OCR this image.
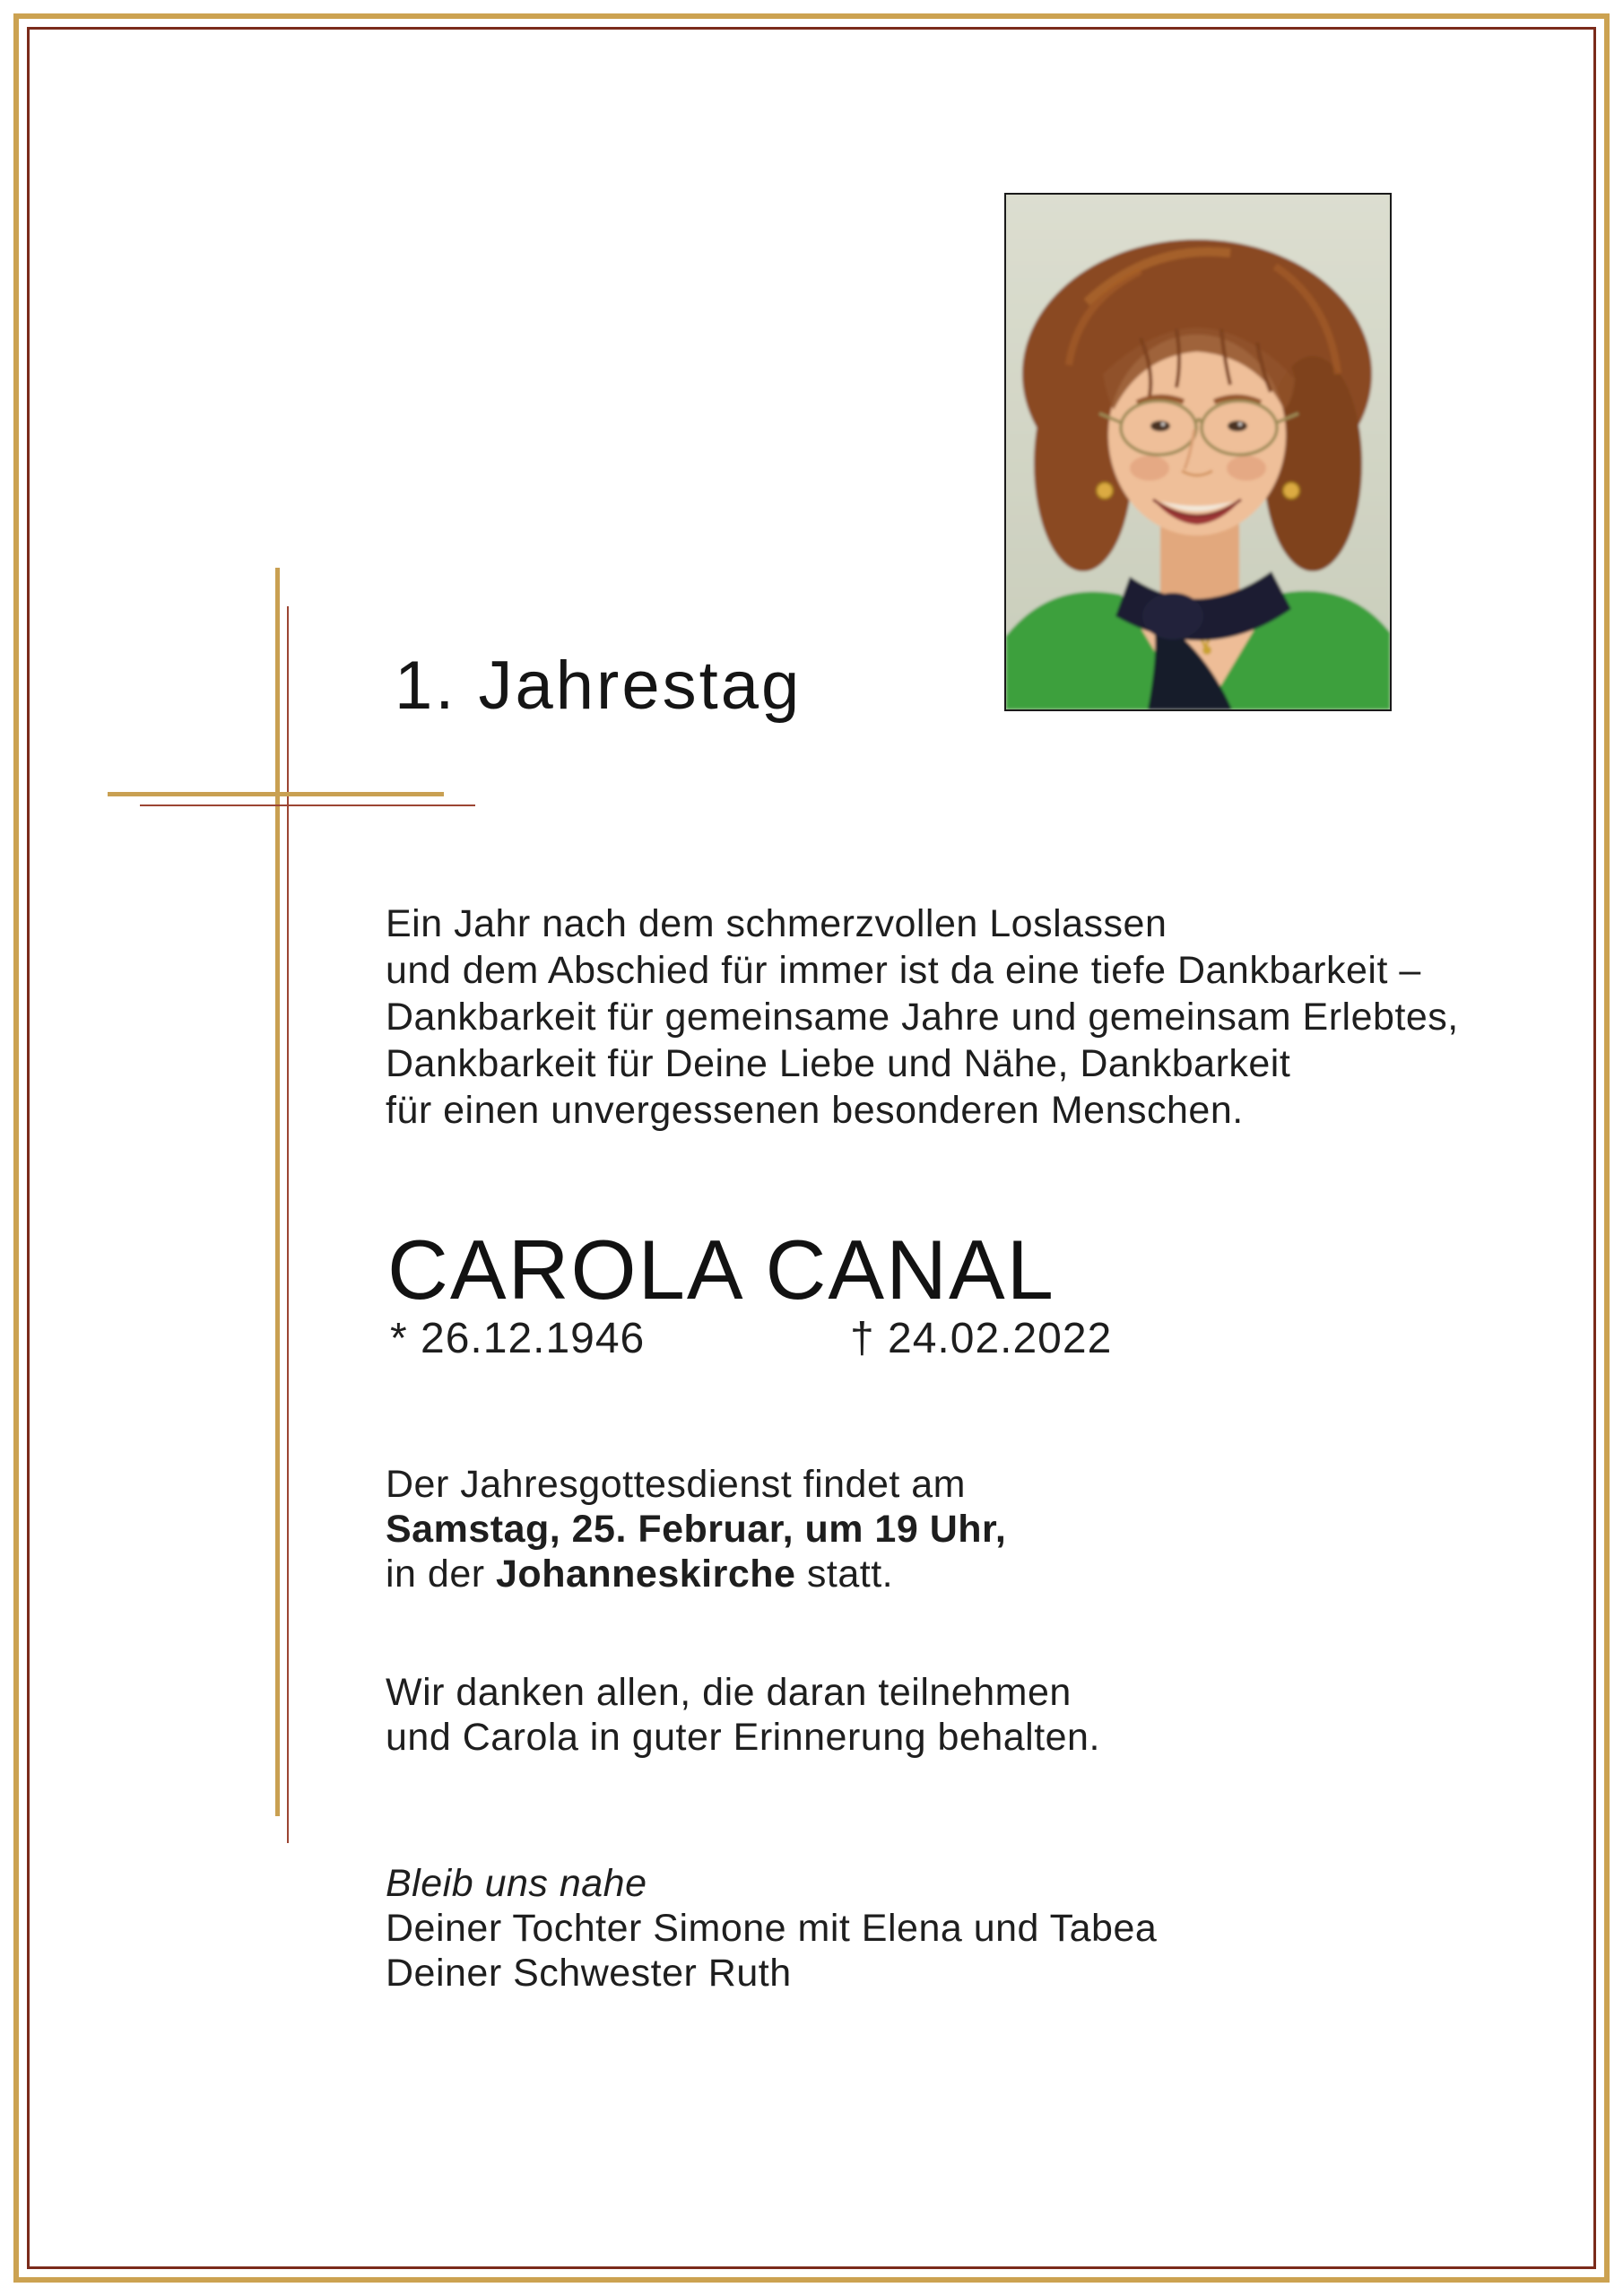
1. Jahrestag
Ein Jahr nach dem schmerzvollen Loslassen
und dem Abschied für immer ist da eine tiefe Dankbarkeit –
Dankbarkeit für gemeinsame Jahre und gemeinsam Erlebtes,
Dankbarkeit für Deine Liebe und Nähe, Dankbarkeit
für einen unvergessenen besonderen Menschen.
CAROLA CANAL
* 26.12.1946	† 24.02.2022
Der Jahresgottesdienst findet am
Samstag, 25. Februar, um 19 Uhr,
in der Johanneskirche statt.
Wir danken allen, die daran teilnehmen
und Carola in guter Erinnerung behalten.
Bleib uns nahe
Deiner Tochter Simone mit Elena und Tabea
Deiner Schwester Ruth
